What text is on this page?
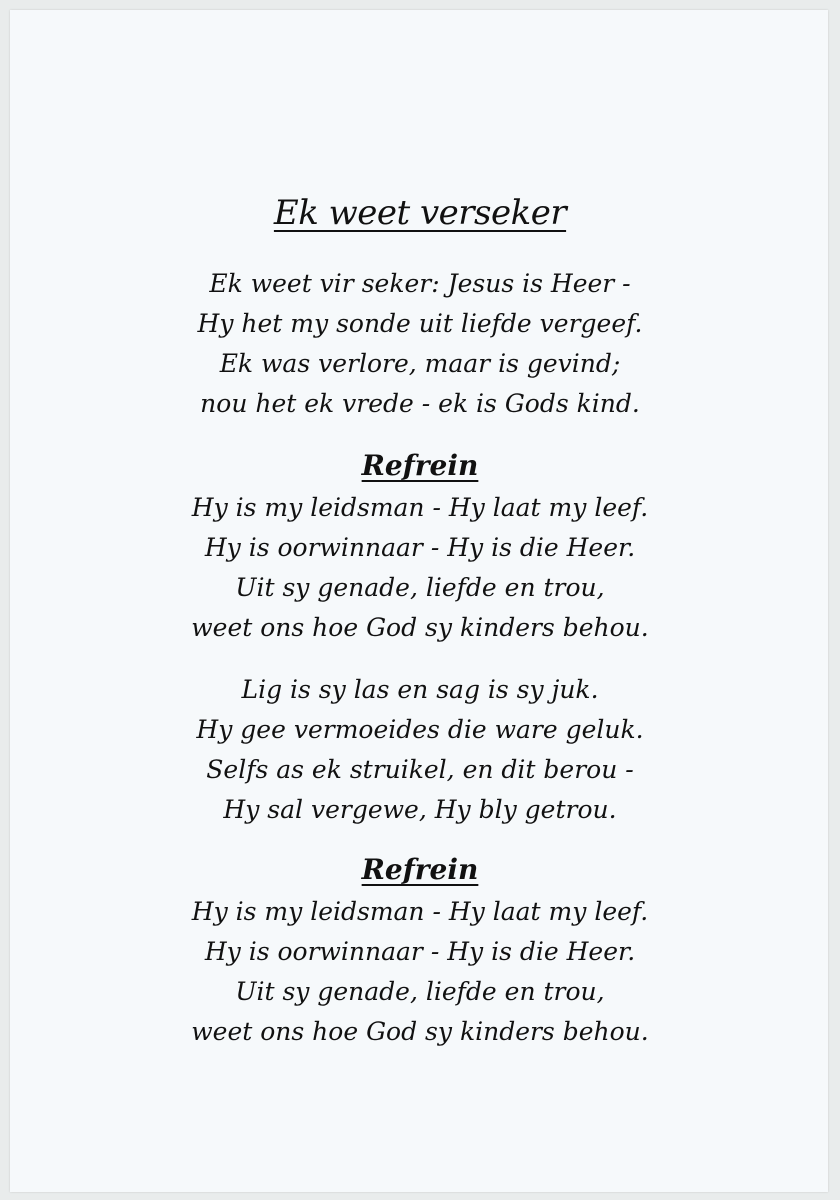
Ek weet verseker
Ek weet vir seker: Jesus is Heer -
Hy het my sonde uit liefde vergeef.
Ek was verlore, maar is gevind;
nou het ek vrede - ek is Gods kind.
Refrein
Hy is my leidsman - Hy laat my leef.
Hy is oorwinnaar - Hy is die Heer.
Uit sy genade, liefde en trou,
weet ons hoe God sy kinders behou.
Lig is sy las en sag is sy juk.
Hy gee vermoeides die ware geluk.
Selfs as ek struikel, en dit berou -
Hy sal vergewe, Hy bly getrou.
Refrein
Hy is my leidsman - Hy laat my leef.
Hy is oorwinnaar - Hy is die Heer.
Uit sy genade, liefde en trou,
weet ons hoe God sy kinders behou.
